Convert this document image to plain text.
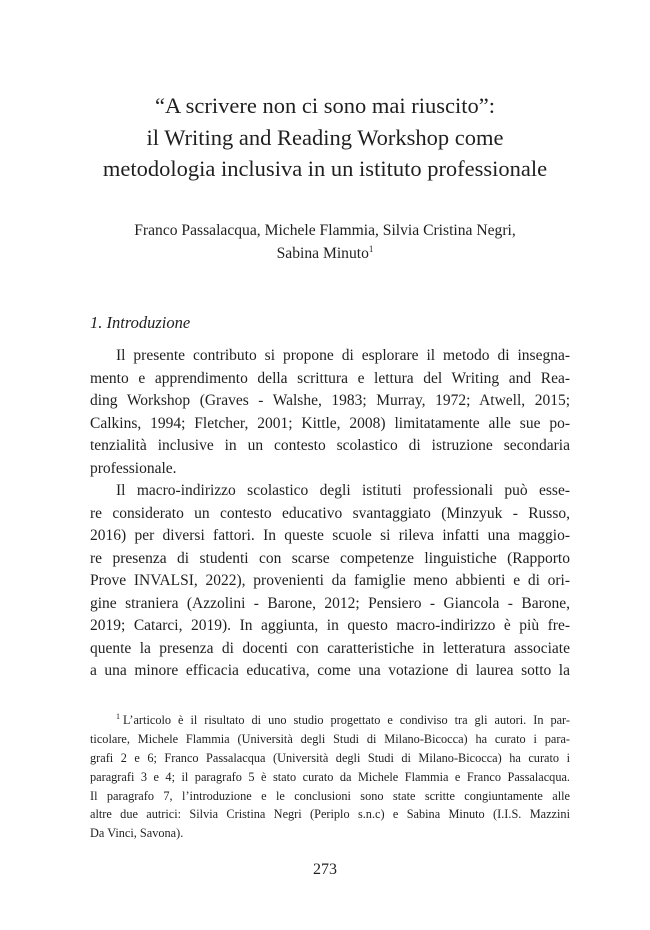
“A scrivere non ci sono mai riuscito”:
il Writing and Reading Workshop come
metodologia inclusiva in un istituto professionale
Franco Passalacqua, Michele Flammia, Silvia Cristina Negri,
Sabina Minuto$^1$
1. Introduzione
Il presente contributo si propone di esplorare il metodo di insegna-
mento e apprendimento della scrittura e lettura del Writing and Rea-
ding Workshop (Graves - Walshe, 1983; Murray, 1972; Atwell, 2015;
Calkins, 1994; Fletcher, 2001; Kittle, 2008) limitatamente alle sue po-
tenzialità inclusive in un contesto scolastico di istruzione secondaria
professionale.
Il macro-indirizzo scolastico degli istituti professionali può esse-
re considerato un contesto educativo svantaggiato (Minzyuk - Russo,
2016) per diversi fattori. In queste scuole si rileva infatti una maggio-
re presenza di studenti con scarse competenze linguistiche (Rapporto
Prove INVALSI, 2022), provenienti da famiglie meno abbienti e di ori-
gine straniera (Azzolini - Barone, 2012; Pensiero - Giancola - Barone,
2019; Catarci, 2019). In aggiunta, in questo macro-indirizzo è più fre-
quente la presenza di docenti con caratteristiche in letteratura associate
a una minore efficacia educativa, come una votazione di laurea sotto la
$^1$ L’articolo è il risultato di uno studio progettato e condiviso tra gli autori. In par-
ticolare, Michele Flammia (Università degli Studi di Milano-Bicocca) ha curato i para-
grafi 2 e 6; Franco Passalacqua (Università degli Studi di Milano-Bicocca) ha curato i
paragrafi 3 e 4; il paragrafo 5 è stato curato da Michele Flammia e Franco Passalacqua.
Il paragrafo 7, l’introduzione e le conclusioni sono state scritte congiuntamente alle
altre due autrici: Silvia Cristina Negri (Periplo s.n.c) e Sabina Minuto (I.I.S. Mazzini
Da Vinci, Savona).
273
